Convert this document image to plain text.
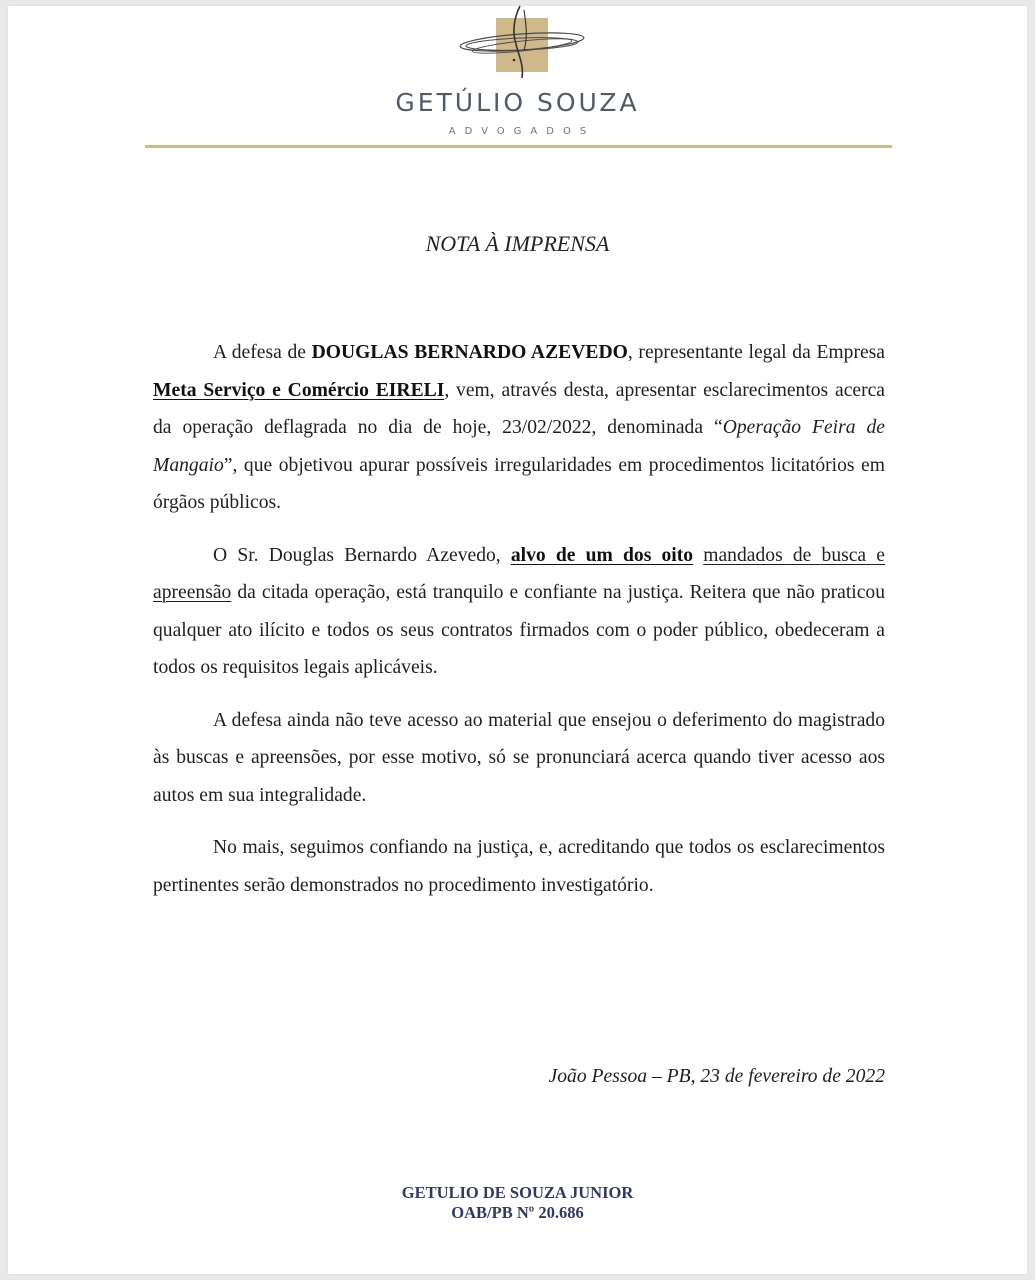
GETÚLIO SOUZA
ADVOGADOS
NOTA À IMPRENSA

A defesa de DOUGLAS BERNARDO AZEVEDO, representante legal da Empresa Meta Serviço e Comércio EIRELI, vem, através desta, apresentar esclarecimentos acerca da operação deflagrada no dia de hoje, 23/02/2022, denominada “Operação Feira de Mangaio”, que objetivou apurar possíveis irregularidades em procedimentos licitatórios em órgãos públicos.

O Sr. Douglas Bernardo Azevedo, alvo de um dos oito mandados de busca e apreensão da citada operação, está tranquilo e confiante na justiça. Reitera que não praticou qualquer ato ilícito e todos os seus contratos firmados com o poder público, obedeceram a todos os requisitos legais aplicáveis.

A defesa ainda não teve acesso ao material que ensejou o deferimento do magistrado às buscas e apreensões, por esse motivo, só se pronunciará acerca quando tiver acesso aos autos em sua integralidade.

No mais, seguimos confiando na justiça, e, acreditando que todos os esclarecimentos pertinentes serão demonstrados no procedimento investigatório.

João Pessoa – PB, 23 de fevereiro de 2022
GETULIO DE SOUZA JUNIOR
OAB/PB Nº 20.686
